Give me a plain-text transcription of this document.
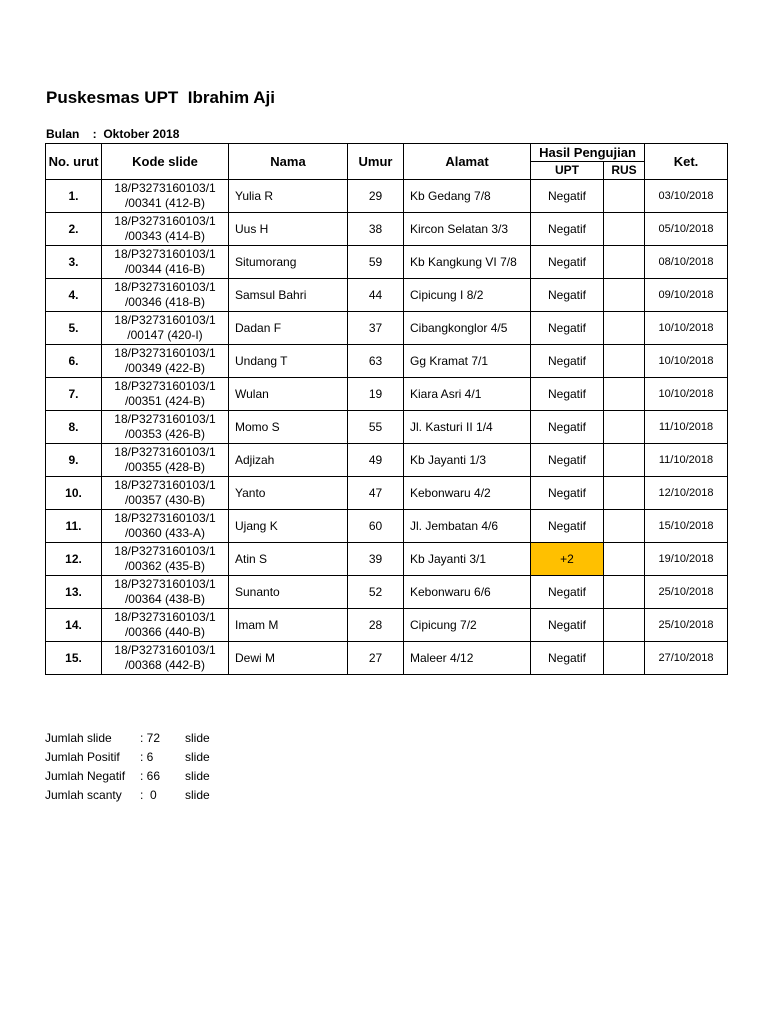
Puskesmas UPT  Ibrahim Aji
Bulan    :  Oktober 2018
No. urut	Kode slide	Nama	Umur	Alamat	Hasil Pengujian		Ket.
					UPT	RUS	
1.	18/P3273160103/1
/00341 (412-B)	Yulia R	29	Kb Gedang 7/8	Negatif		03/10/2018
2.	18/P3273160103/1
/00343 (414-B)	Uus H	38	Kircon Selatan 3/3	Negatif		05/10/2018
3.	18/P3273160103/1
/00344 (416-B)	Situmorang	59	Kb Kangkung VI 7/8	Negatif		08/10/2018
4.	18/P3273160103/1
/00346 (418-B)	Samsul Bahri	44	Cipicung I 8/2	Negatif		09/10/2018
5.	18/P3273160103/1
/00147 (420-I)	Dadan F	37	Cibangkonglor 4/5	Negatif		10/10/2018
6.	18/P3273160103/1
/00349 (422-B)	Undang T	63	Gg Kramat 7/1	Negatif		10/10/2018
7.	18/P3273160103/1
/00351 (424-B)	Wulan	19	Kiara Asri 4/1	Negatif		10/10/2018
8.	18/P3273160103/1
/00353 (426-B)	Momo S	55	Jl. Kasturi II 1/4	Negatif		11/10/2018
9.	18/P3273160103/1
/00355 (428-B)	Adjizah	49	Kb Jayanti 1/3	Negatif		11/10/2018
10.	18/P3273160103/1
/00357 (430-B)	Yanto	47	Kebonwaru 4/2	Negatif		12/10/2018
11.	18/P3273160103/1
/00360 (433-A)	Ujang K	60	Jl. Jembatan 4/6	Negatif		15/10/2018
12.	18/P3273160103/1
/00362 (435-B)	Atin S	39	Kb Jayanti 3/1	+2		19/10/2018
13.	18/P3273160103/1
/00364 (438-B)	Sunanto	52	Kebonwaru 6/6	Negatif		25/10/2018
14.	18/P3273160103/1
/00366 (440-B)	Imam M	28	Cipicung 7/2	Negatif		25/10/2018
15.	18/P3273160103/1
/00368 (442-B)	Dewi M	27	Maleer 4/12	Negatif		27/10/2018
Jumlah slide : 72 slide
Jumlah Positif : 6	slide
Jumlah Negatif : 66 slide
Jumlah scanty :  0 slide
